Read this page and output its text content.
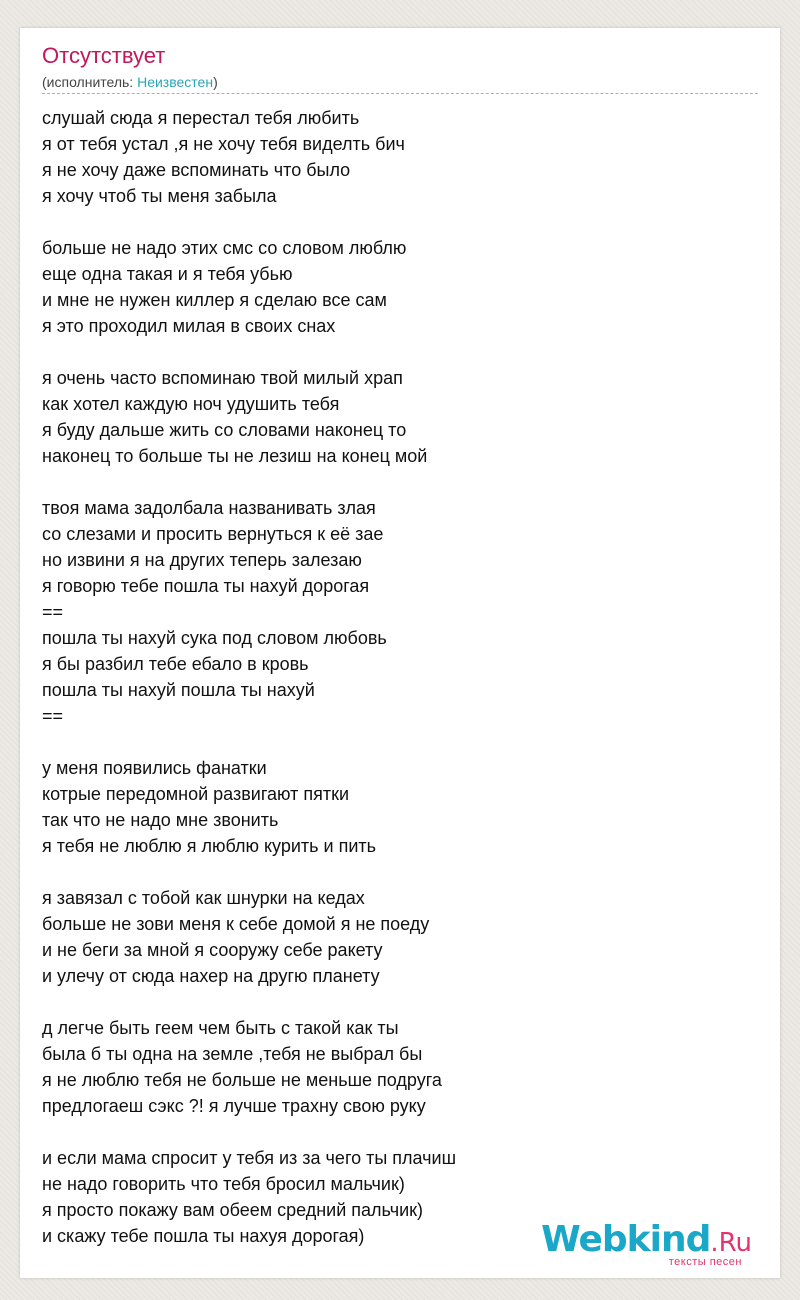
Отсутствует
(исполнитель: Неизвестен)
слушай сюда я перестал тебя любить
я от тебя устал ,я не хочу тебя виделть бич
я не хочу даже вспоминать что было
я хочу чтоб ты меня забыла
больше не надо этих смс со словом люблю
еще одна такая и я тебя убью
и мне не нужен киллер я сделаю все сам
я это проходил милая в своих снах
я очень часто вспоминаю твой милый храп
как хотел каждую ноч удушить тебя
я буду дальше жить со словами наконец то
наконец то больше ты не лезиш на конец мой
твоя мама задолбала названивать злая
со слезами и просить вернуться к её зае
но извини я на других теперь залезаю
я говорю тебе пошла ты нахуй дорогая
==
пошла ты нахуй сука под словом любовь
я бы разбил тебе ебало в кровь
пошла ты нахуй пошла ты нахуй
==
у меня появились фанатки
котрые передомной развигают пятки
так что не надо мне звонить
я тебя не люблю я люблю курить и пить
я завязал с тобой как шнурки на кедах
больше не зови меня к себе домой я не поеду
и не беги за мной я сооружу себе ракету
и улечу от сюда нахер на другю планету
д легче быть геем чем быть с такой как ты
была б ты одна на земле ,тебя не выбрал бы
я не люблю тебя не больше не меньше подруга
предлогаеш сэкс ?! я лучше трахну свою руку
и если мама спросит у тебя из за чего ты плачиш
не надо говорить что тебя бросил мальчик)
я просто покажу вам обеем средний пальчик)
и скажу тебе пошла ты нахуя дорогая)	Webkind.Ru
тексты песен
